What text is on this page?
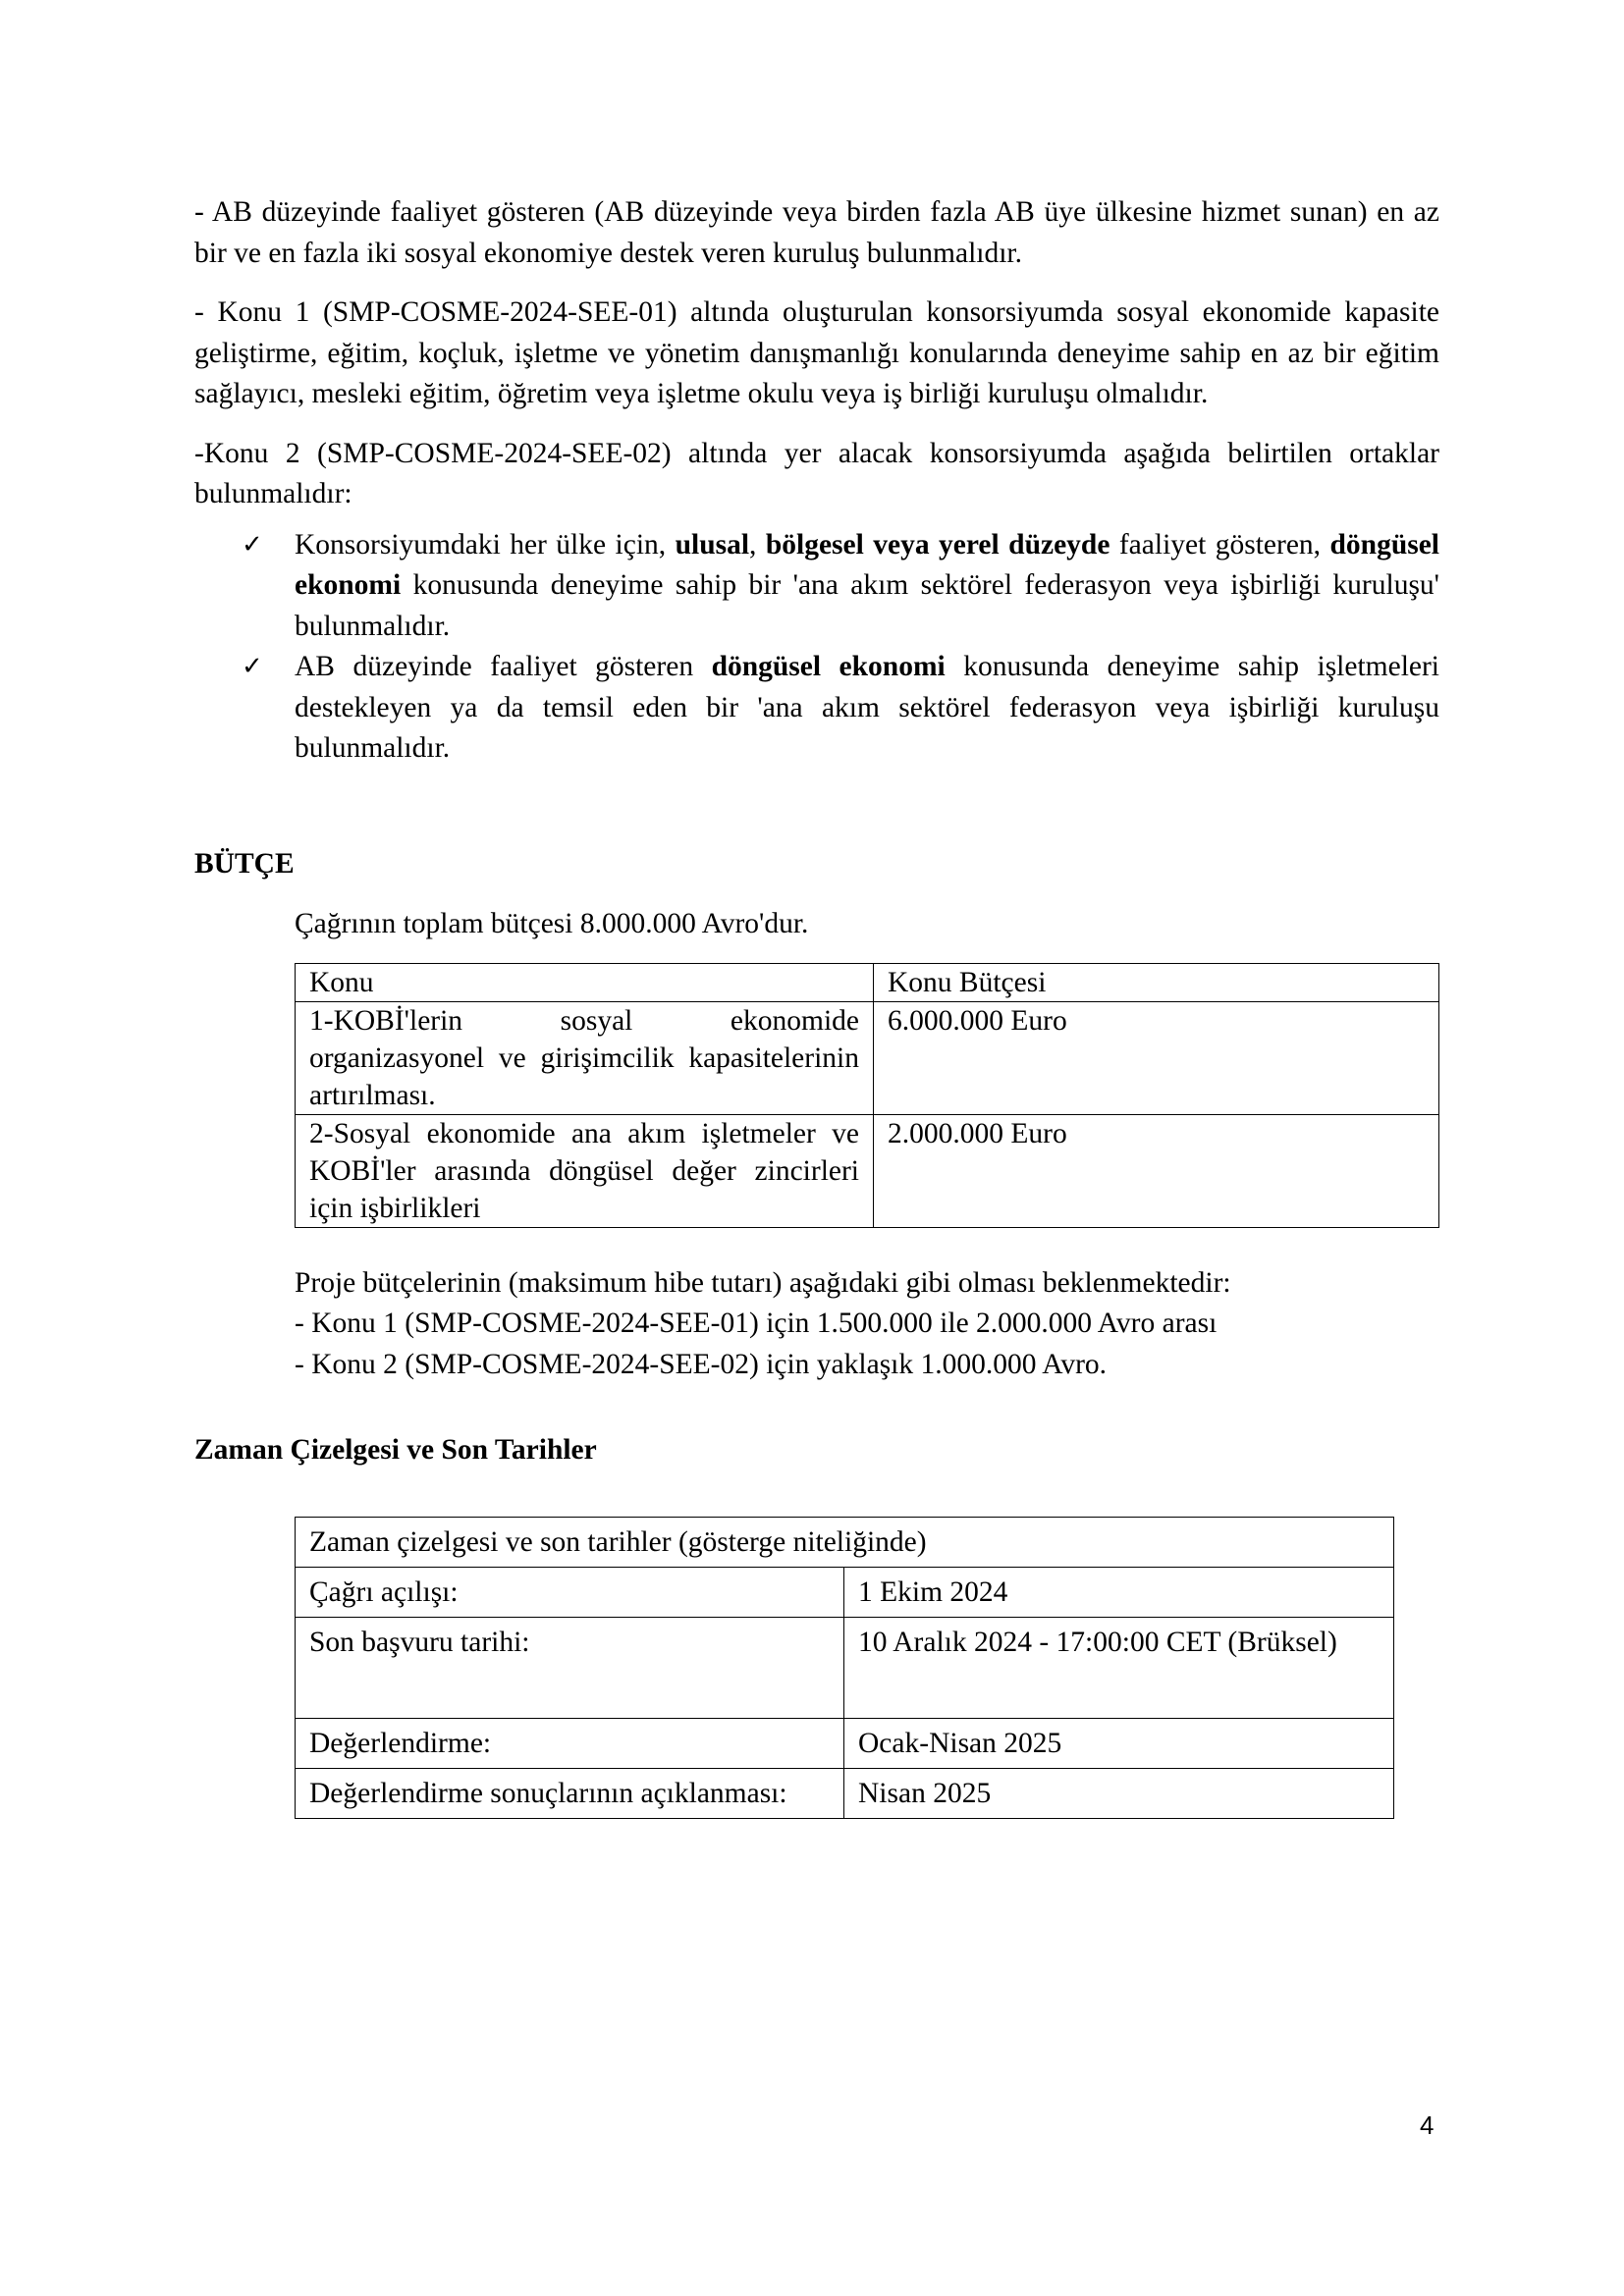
- AB düzeyinde faaliyet gösteren (AB düzeyinde veya birden fazla AB üye ülkesine hizmet sunan) en az bir ve en fazla iki sosyal ekonomiye destek veren kuruluş bulunmalıdır.

- Konu 1 (SMP-COSME-2024-SEE-01) altında oluşturulan konsorsiyumda sosyal ekonomide kapasite geliştirme, eğitim, koçluk, işletme ve yönetim danışmanlığı konularında deneyime sahip en az bir eğitim sağlayıcı, mesleki eğitim, öğretim veya işletme okulu veya iş birliği kuruluşu olmalıdır.

-Konu 2 (SMP-COSME-2024-SEE-02) altında yer alacak konsorsiyumda aşağıda belirtilen ortaklar bulunmalıdır:

✓ Konsorsiyumdaki her ülke için, ulusal, bölgesel veya yerel düzeyde faaliyet gösteren, döngüsel ekonomi konusunda deneyime sahip bir 'ana akım sektörel federasyon veya işbirliği kuruluşu' bulunmalıdır.
✓ AB düzeyinde faaliyet gösteren döngüsel ekonomi konusunda deneyime sahip işletmeleri destekleyen ya da temsil eden bir 'ana akım sektörel federasyon veya işbirliği kuruluşu bulunmalıdır.

BÜTÇE

Çağrının toplam bütçesi 8.000.000 Avro'dur.

Konu	Konu Bütçesi
1-KOBİ'lerin sosyal ekonomide organizasyonel ve girişimcilik kapasitelerinin artırılması.	6.000.000 Euro
2-Sosyal ekonomide ana akım işletmeler ve KOBİ'ler arasında döngüsel değer zincirleri için işbirlikleri	2.000.000 Euro

Proje bütçelerinin (maksimum hibe tutarı) aşağıdaki gibi olması beklenmektedir:

- Konu 1 (SMP-COSME-2024-SEE-01) için 1.500.000 ile 2.000.000 Avro arası

- Konu 2 (SMP-COSME-2024-SEE-02) için yaklaşık 1.000.000 Avro.

Zaman Çizelgesi ve Son Tarihler

Zaman çizelgesi ve son tarihler (gösterge niteliğinde)	
Çağrı açılışı:	1 Ekim 2024
Son başvuru tarihi:	10 Aralık 2024 - 17:00:00 CET (Brüksel)
Değerlendirme:	Ocak-Nisan 2025
Değerlendirme sonuçlarının açıklanması:	Nisan 2025
4
